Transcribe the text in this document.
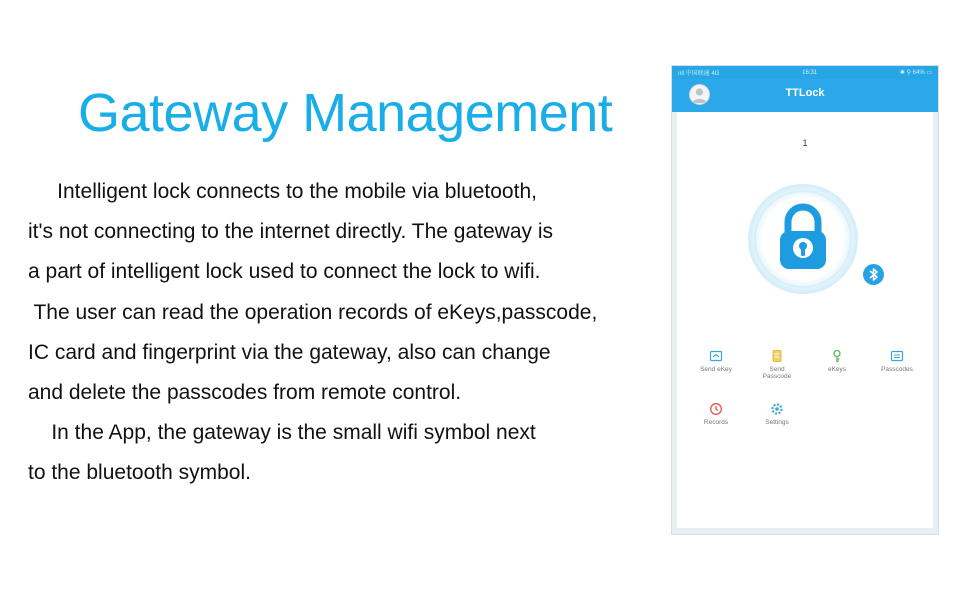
Gateway Management
Intelligent lock connects to the mobile via bluetooth,
it's not connecting to the internet directly. The gateway is
a part of intelligent lock used to connect the lock to wifi.
The user can read the operation records of eKeys,passcode,
IC card and fingerprint via the gateway, also can change
and delete the passcodes from remote control.
In the App, the gateway is the small wifi symbol next
to the bluetooth symbol.
ııll 中国联通 4G	16:31	✱ ⚲ 64% ▭
TTLock
1
Send eKey	Send
Passcode
eKeys	Passcodes
Records	Settings
